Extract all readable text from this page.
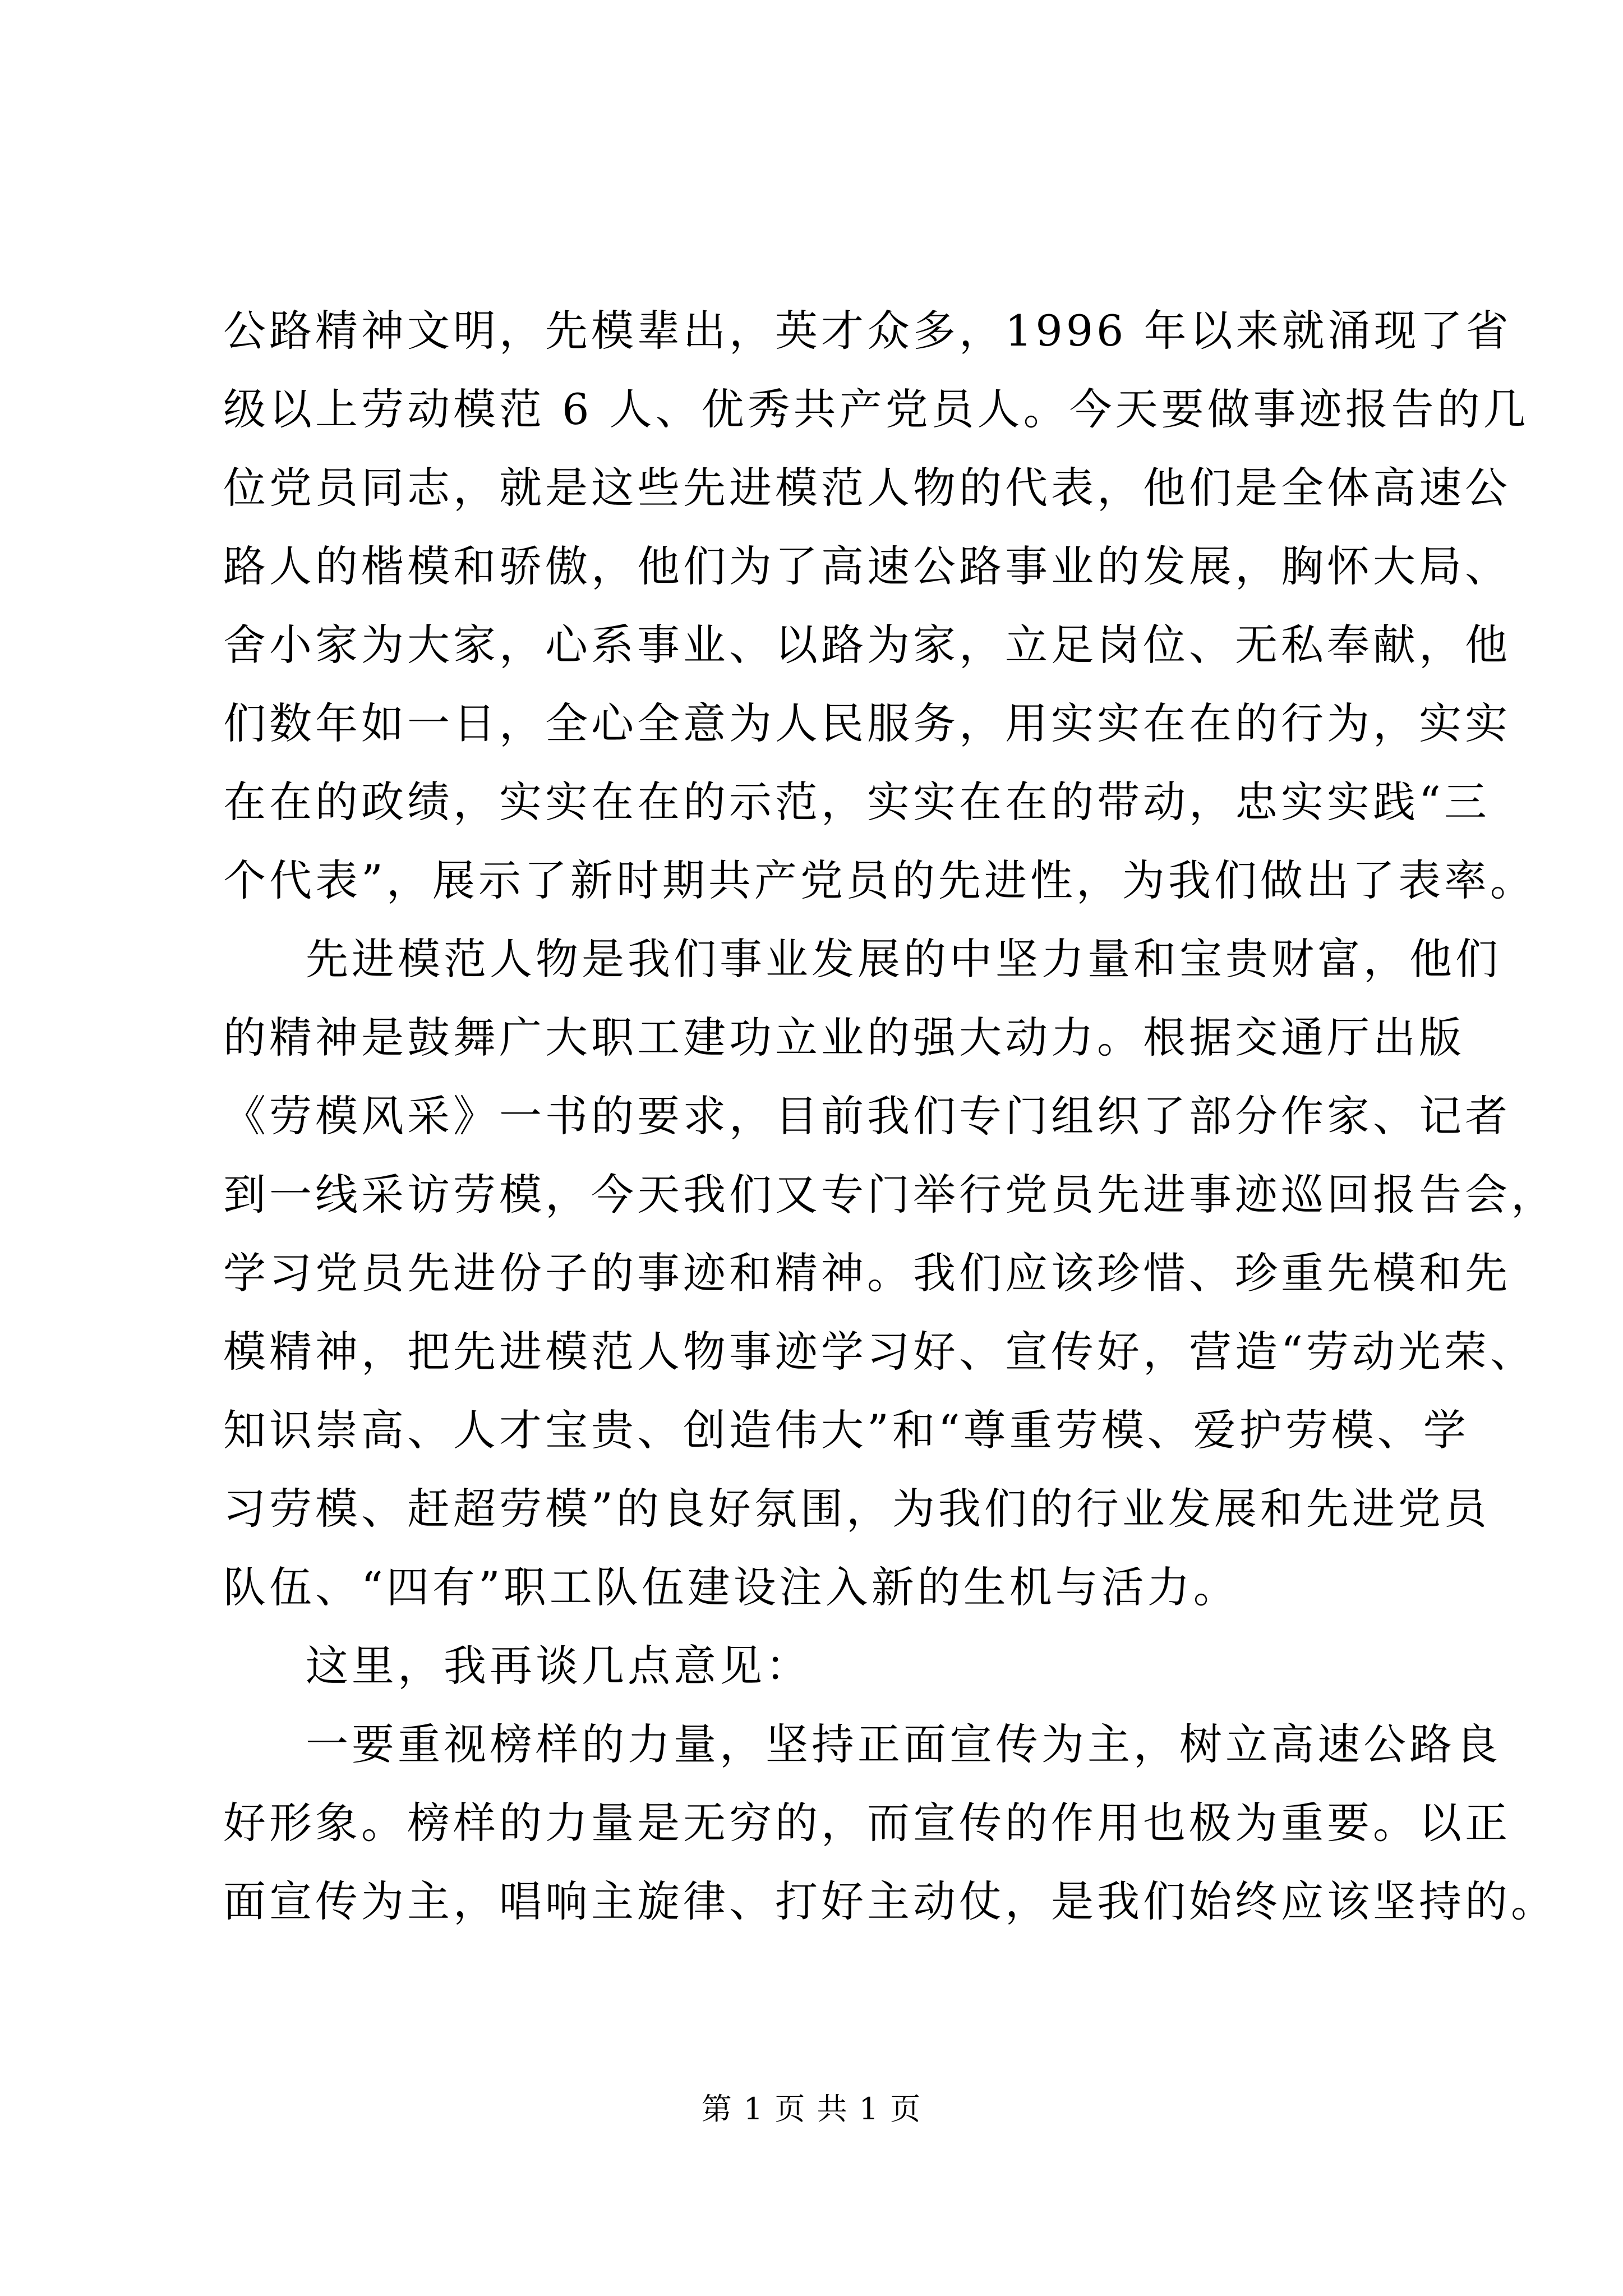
公路精神文明，先模辈出，英才众多，1996 年以来就涌现了省
级以上劳动模范 6 人、优秀共产党员人。今天要做事迹报告的几
位党员同志，就是这些先进模范人物的代表，他们是全体高速公
路人的楷模和骄傲，他们为了高速公路事业的发展，胸怀大局、
舍小家为大家，心系事业、以路为家，立足岗位、无私奉献，他
们数年如一日，全心全意为人民服务，用实实在在的行为，实实
在在的政绩，实实在在的示范，实实在在的带动，忠实实践“三
个代表”，展示了新时期共产党员的先进性，为我们做出了表率。
先进模范人物是我们事业发展的中坚力量和宝贵财富，他们
的精神是鼓舞广大职工建功立业的强大动力。根据交通厅出版
《劳模风采》一书的要求，目前我们专门组织了部分作家、记者
到一线采访劳模，今天我们又专门举行党员先进事迹巡回报告会，
学习党员先进份子的事迹和精神。我们应该珍惜、珍重先模和先
模精神，把先进模范人物事迹学习好、宣传好，营造“劳动光荣、
知识崇高、人才宝贵、创造伟大”和“尊重劳模、爱护劳模、学
习劳模、赶超劳模”的良好氛围，为我们的行业发展和先进党员
队伍、“四有”职工队伍建设注入新的生机与活力。
这里，我再谈几点意见：
一要重视榜样的力量，坚持正面宣传为主，树立高速公路良
好形象。榜样的力量是无穷的，而宣传的作用也极为重要。以正
面宣传为主，唱响主旋律、打好主动仗，是我们始终应该坚持的。
第 1 页 共 1 页
